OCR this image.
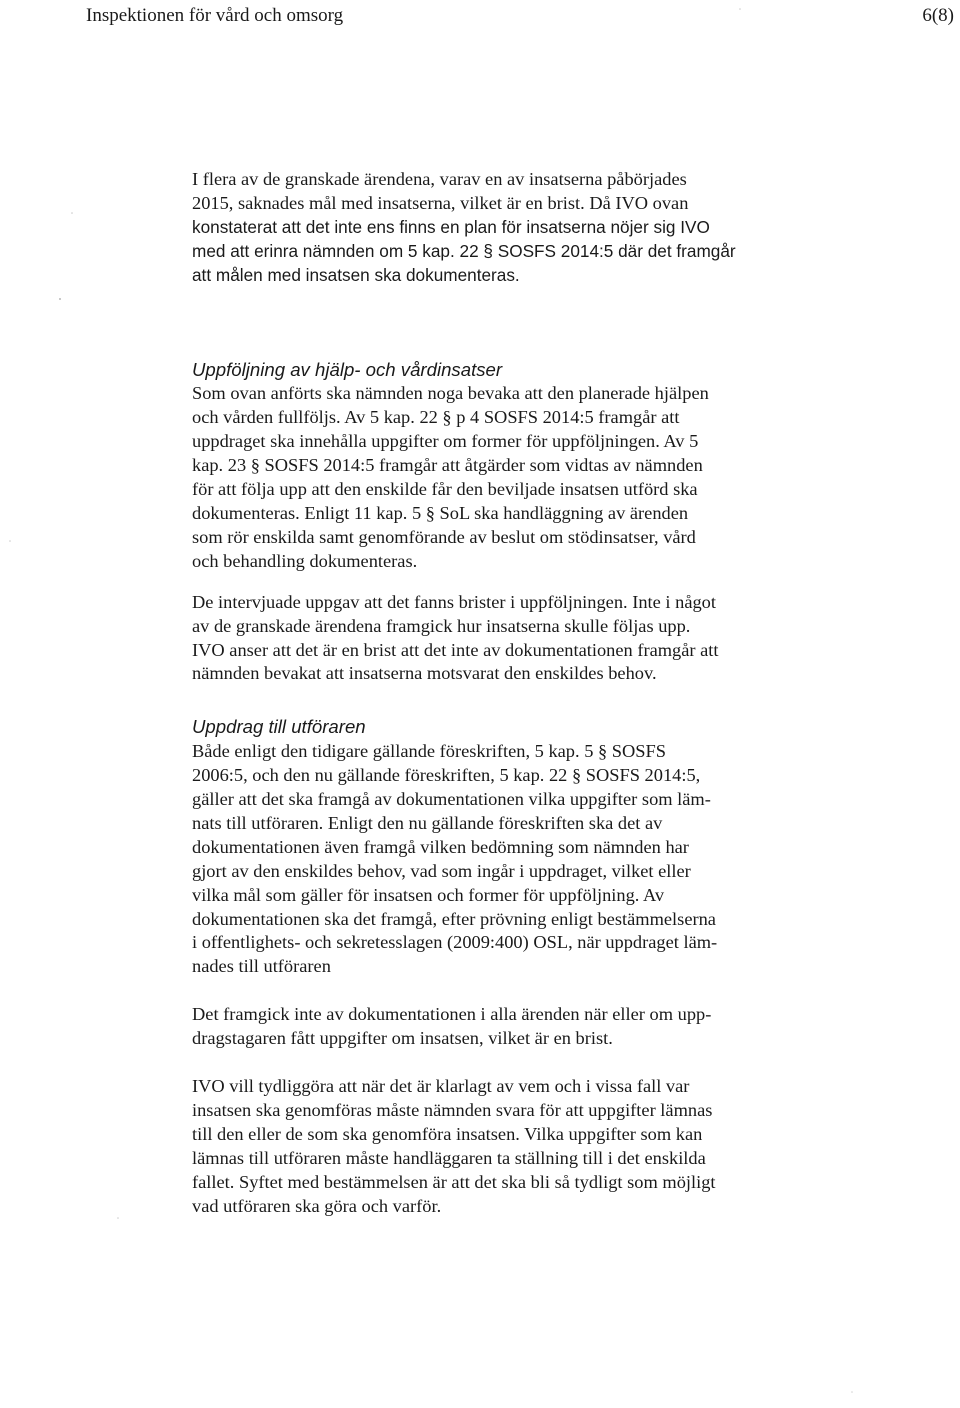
Inspektionen för vård och omsorg	6(8)
I flera av de granskade ärendena, varav en av insatserna påbörjades
2015, saknades mål med insatserna, vilket är en brist. Då IVO ovan
konstaterat att det inte ens finns en plan för insatserna nöjer sig IVO
med att erinra nämnden om 5 kap. 22 § SOSFS 2014:5 där det framgår
att målen med insatsen ska dokumenteras.
Uppföljning av hjälp- och vårdinsatser
Som ovan anförts ska nämnden noga bevaka att den planerade hjälpen
och vården fullföljs. Av 5 kap. 22 § p 4 SOSFS 2014:5 framgår att
uppdraget ska innehålla uppgifter om former för uppföljningen. Av 5
kap. 23 § SOSFS 2014:5 framgår att åtgärder som vidtas av nämnden
för att följa upp att den enskilde får den beviljade insatsen utförd ska
dokumenteras. Enligt 11 kap. 5 § SoL ska handläggning av ärenden
som rör enskilda samt genomförande av beslut om stödinsatser, vård
och behandling dokumenteras.
De intervjuade uppgav att det fanns brister i uppföljningen. Inte i något
av de granskade ärendena framgick hur insatserna skulle följas upp.
IVO anser att det är en brist att det inte av dokumentationen framgår att
nämnden bevakat att insatserna motsvarat den enskildes behov.
Uppdrag till utföraren
Både enligt den tidigare gällande föreskriften, 5 kap. 5 § SOSFS
2006:5, och den nu gällande föreskriften, 5 kap. 22 § SOSFS 2014:5,
gäller att det ska framgå av dokumentationen vilka uppgifter som läm-
nats till utföraren. Enligt den nu gällande föreskriften ska det av
dokumentationen även framgå vilken bedömning som nämnden har
gjort av den enskildes behov, vad som ingår i uppdraget, vilket eller
vilka mål som gäller för insatsen och former för uppföljning. Av
dokumentationen ska det framgå, efter prövning enligt bestämmelserna
i offentlighets- och sekretesslagen (2009:400) OSL, när uppdraget läm-
nades till utföraren
Det framgick inte av dokumentationen i alla ärenden när eller om upp-
dragstagaren fått uppgifter om insatsen, vilket är en brist.
IVO vill tydliggöra att när det är klarlagt av vem och i vissa fall var
insatsen ska genomföras måste nämnden svara för att uppgifter lämnas
till den eller de som ska genomföra insatsen. Vilka uppgifter som kan
lämnas till utföraren måste handläggaren ta ställning till i det enskilda
fallet. Syftet med bestämmelsen är att det ska bli så tydligt som möjligt
vad utföraren ska göra och varför.
